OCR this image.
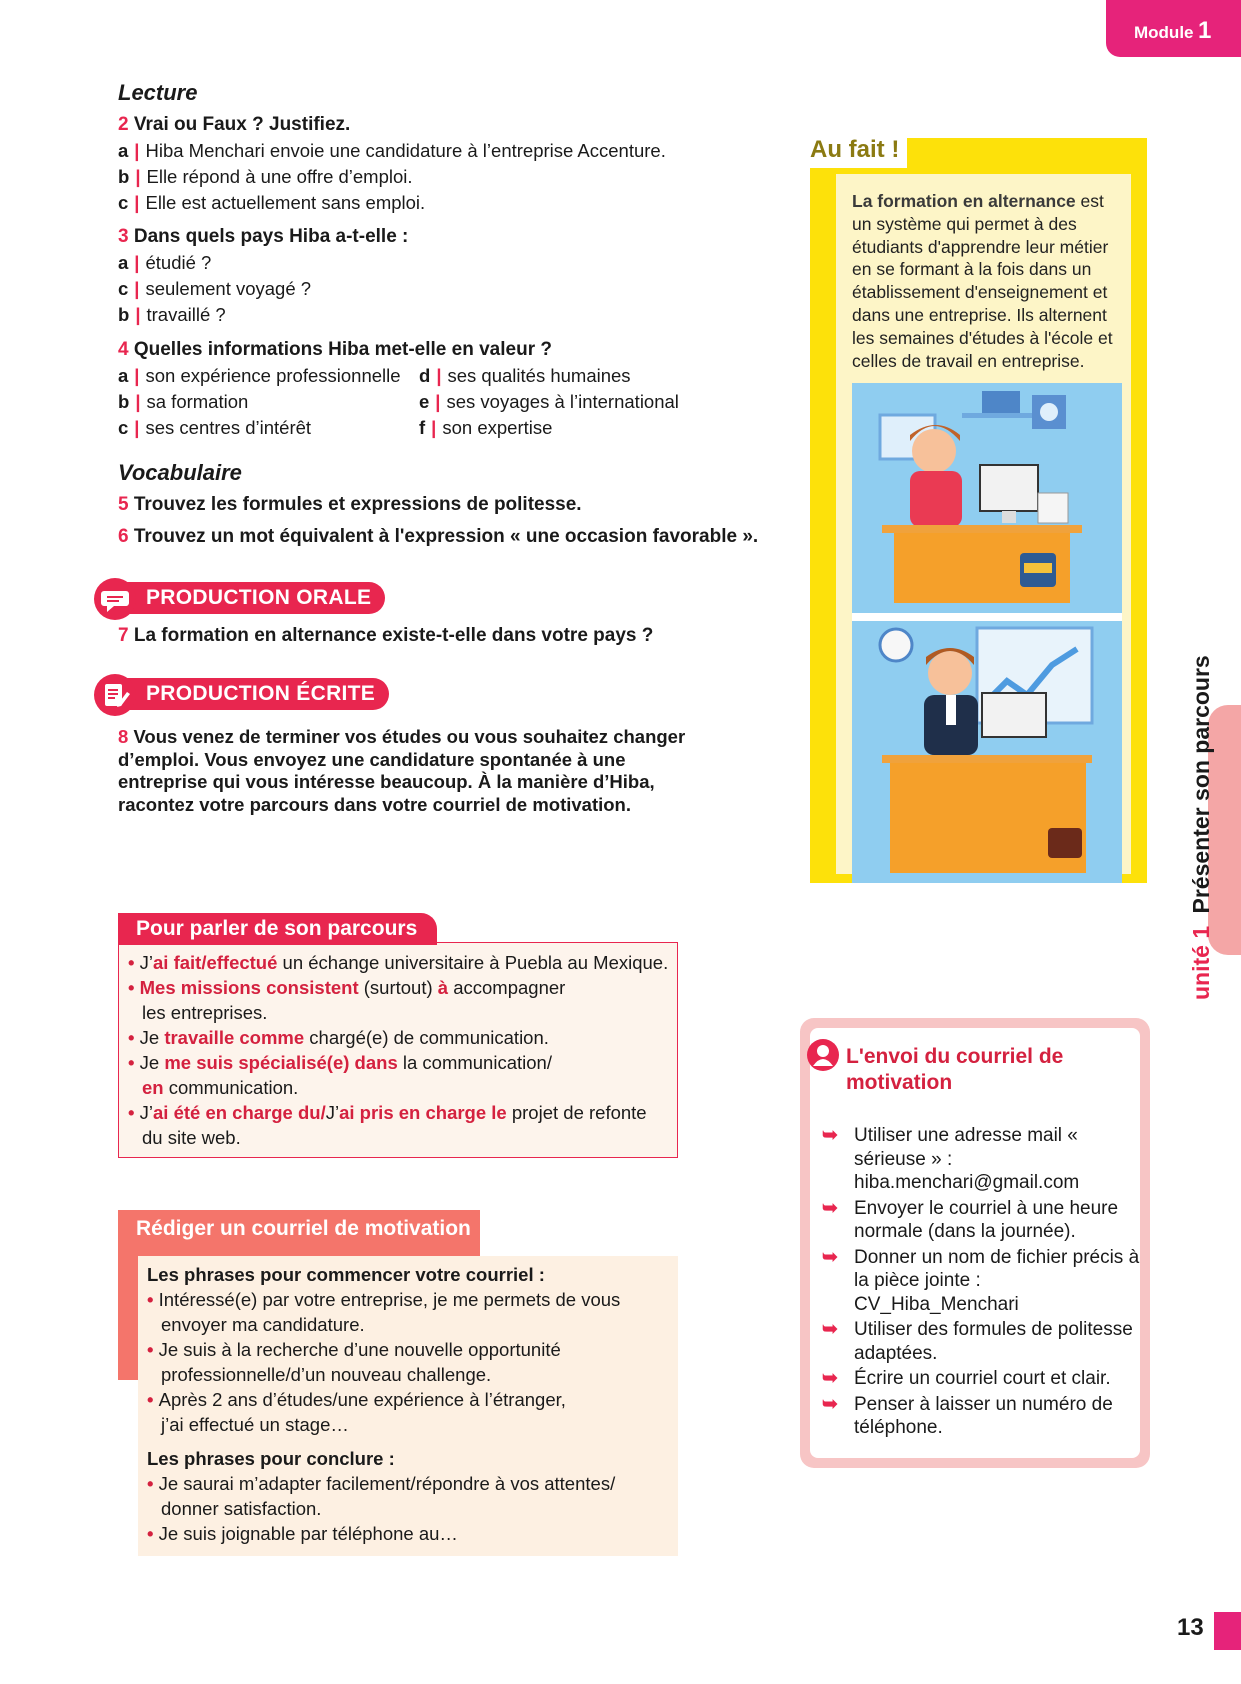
Module 1
Lecture
2 Vrai ou Faux ? Justifiez.
a | Hiba Menchari envoie une candidature à l’entreprise Accenture.
b | Elle répond à une offre d’emploi.
c | Elle est actuellement sans emploi.
3 Dans quels pays Hiba a-t-elle :
a | étudié ?
c | seulement voyagé ?
b | travaillé ?
4 Quelles informations Hiba met-elle en valeur ?
a | son expérience professionnelle
b | sa formation
c | ses centres d’intérêt
d | ses qualités humaines
e | ses voyages à l’international
f | son expertise
Vocabulaire
5 Trouvez les formules et expressions de politesse.
6 Trouvez un mot équivalent à l'expression « une occasion favorable ».
PRODUCTION ORALE
7 La formation en alternance existe-t-elle dans votre pays ?
PRODUCTION ÉCRITE
8 Vous venez de terminer vos études ou vous souhaitez changer d’emploi. Vous envoyez une candidature spontanée à une entreprise qui vous intéresse beaucoup. À la manière d’Hiba, racontez votre parcours dans votre courriel de motivation.
Au fait !
La formation en alternance est un système qui permet à des étudiants d'apprendre leur métier en se formant à la fois dans un établissement d'enseignement et dans une entreprise. Ils alternent les semaines d'études à l'école et celles de travail en entreprise.
unité 1 Présenter son parcours
Pour parler de son parcours
• J’ai fait/effectué un échange universitaire à Puebla au Mexique.
• Mes missions consistent (surtout) à accompagner les entreprises.
• Je travaille comme chargé(e) de communication.
• Je me suis spécialisé(e) dans la communication/ en communication.
• J’ai été en charge du/J’ai pris en charge le projet de refonte du site web.
Rédiger un courriel de motivation
Les phrases pour commencer votre courriel :
• Intéressé(e) par votre entreprise, je me permets de vous envoyer ma candidature.
• Je suis à la recherche d’une nouvelle opportunité professionnelle/d’un nouveau challenge.
• Après 2 ans d’études/une expérience à l’étranger, j’ai effectué un stage…
Les phrases pour conclure :
• Je saurai m’adapter facilement/répondre à vos attentes/ donner satisfaction.
• Je suis joignable par téléphone au…
L'envoi du courriel de motivation
➥ Utiliser une adresse mail « sérieuse » : hiba.menchari@gmail.com
➥ Envoyer le courriel à une heure normale (dans la journée).
➥ Donner un nom de fichier précis à la pièce jointe : CV_Hiba_Menchari
➥ Utiliser des formules de politesse adaptées.
➥ Écrire un courriel court et clair.
➥ Penser à laisser un numéro de téléphone.
13
